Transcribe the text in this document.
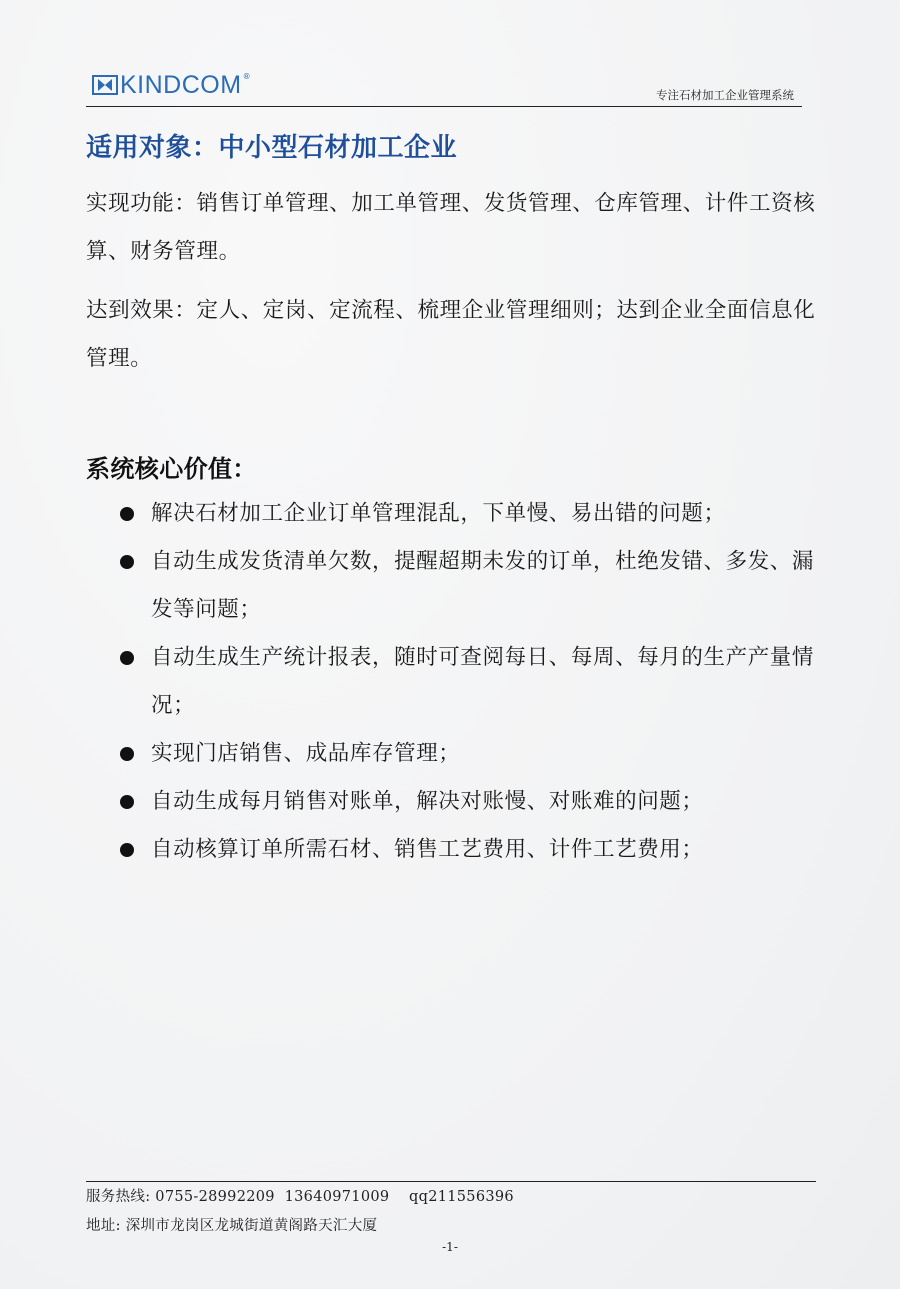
KINDCOM ®
专注石材加工企业管理系统
适用对象：中小型石材加工企业
实现功能：销售订单管理、加工单管理、发货管理、仓库管理、计件工资核算、财务管理。
达到效果：定人、定岗、定流程、梳理企业管理细则；达到企业全面信息化管理。
系统核心价值：
解决石材加工企业订单管理混乱，下单慢、易出错的问题；
自动生成发货清单欠数，提醒超期未发的订单，杜绝发错、多发、漏发等问题；
自动生成生产统计报表，随时可查阅每日、每周、每月的生产产量情况；
实现门店销售、成品库存管理；
自动生成每月销售对账单，解决对账慢、对账难的问题；
自动核算订单所需石材、销售工艺费用、计件工艺费用；
服务热线: 0755-28992209  13640971009    qq211556396
地址: 深圳市龙岗区龙城街道黄阁路天汇大厦
-1-
